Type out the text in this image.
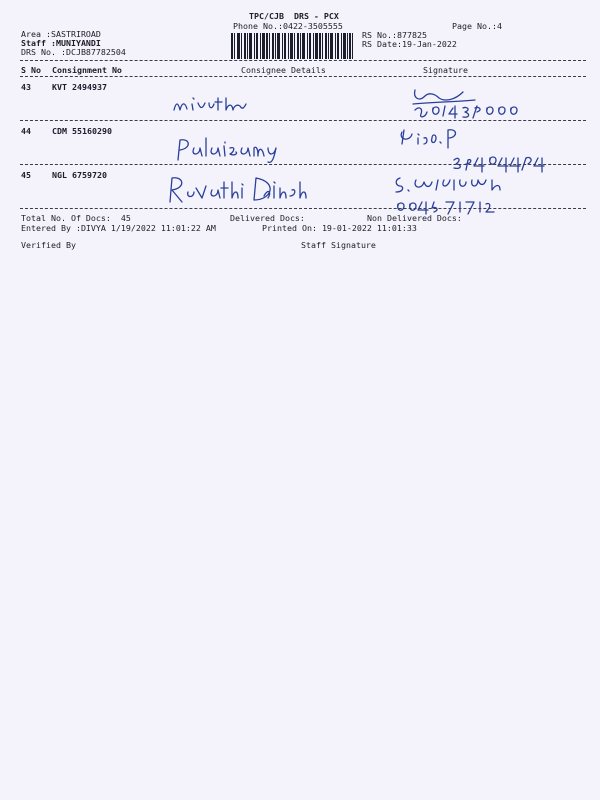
TPC/CJB  DRS - PCX
Phone No.:0422-3505555	Page No.:4
Area :SASTRIROAD
Staff :MUNIYANDI
DRS No. :DCJB87782504
RS No.:877825
RS Date:19-Jan-2022
S No Consignment No	Consignee Details	Signature
43	KVT 2494937
44	CDM 55160290
45	NGL 6759720
Total No. Of Docs:  45	Delivered Docs:	Non Delivered Docs:
Entered By :DIVYA 1/19/2022 11:01:22 AM	Printed On: 19-01-2022 11:01:33
Verified By	Staff Signature
